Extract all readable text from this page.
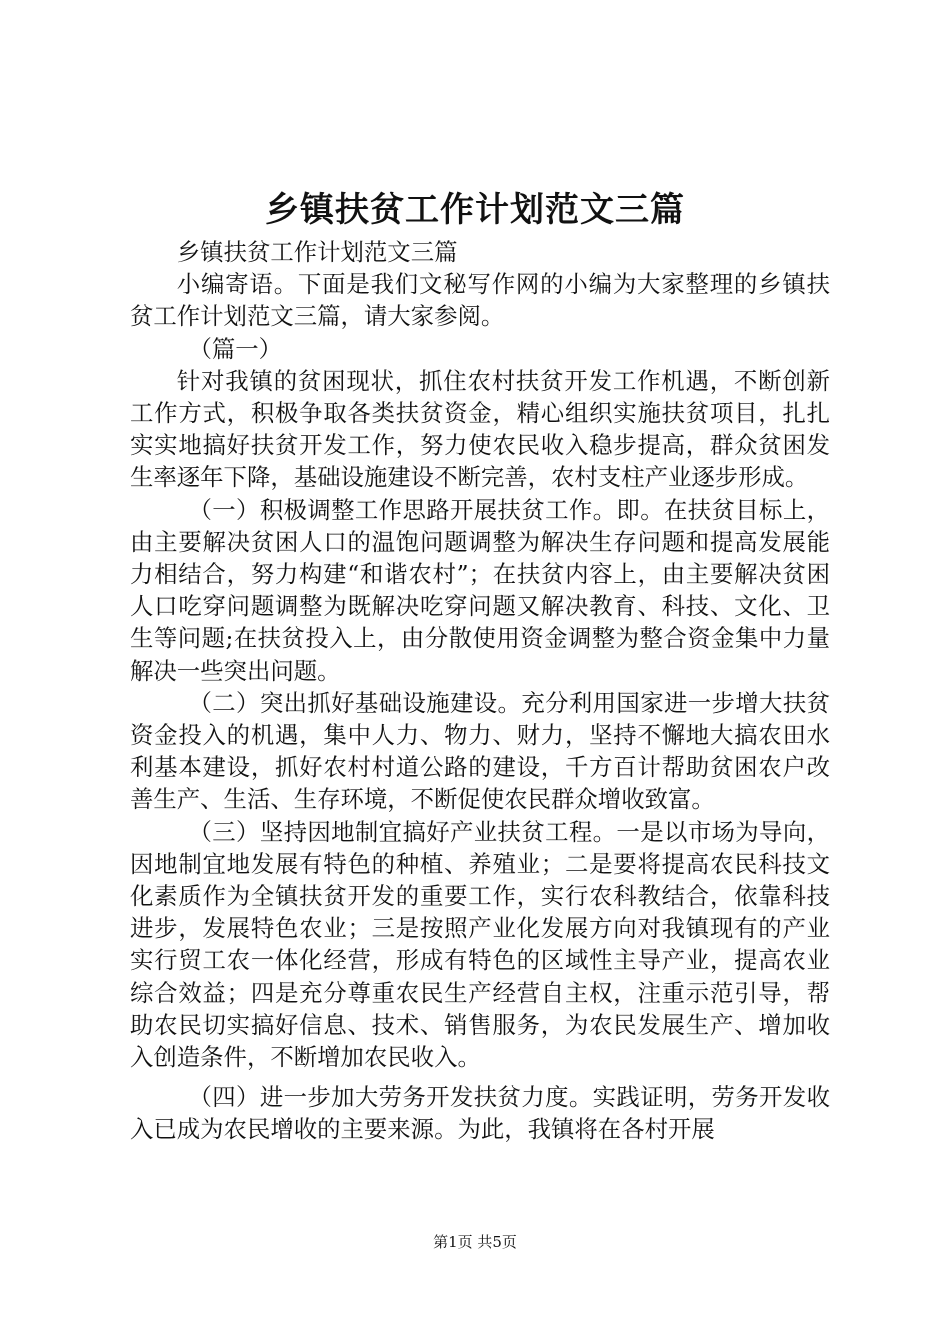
乡镇扶贫工作计划范文三篇

乡镇扶贫工作计划范文三篇

小编寄语。下面是我们文秘写作网的小编为大家整理的乡镇扶贫工作计划范文三篇，请大家参阅。

（篇一）

针对我镇的贫困现状，抓住农村扶贫开发工作机遇，不断创新工作方式，积极争取各类扶贫资金，精心组织实施扶贫项目，扎扎实实地搞好扶贫开发工作，努力使农民收入稳步提高，群众贫困发生率逐年下降，基础设施建设不断完善，农村支柱产业逐步形成。

（一）积极调整工作思路开展扶贫工作。即。在扶贫目标上，由主要解决贫困人口的温饱问题调整为解决生存问题和提高发展能力相结合，努力构建“和谐农村”；在扶贫内容上，由主要解决贫困人口吃穿问题调整为既解决吃穿问题又解决教育、科技、文化、卫生等问题;在扶贫投入上，由分散使用资金调整为整合资金集中力量解决一些突出问题。

（二）突出抓好基础设施建设。充分利用国家进一步增大扶贫资金投入的机遇，集中人力、物力、财力，坚持不懈地大搞农田水利基本建设，抓好农村村道公路的建设，千方百计帮助贫困农户改善生产、生活、生存环境，不断促使农民群众增收致富。

（三）坚持因地制宜搞好产业扶贫工程。一是以市场为导向，因地制宜地发展有特色的种植、养殖业；二是要将提高农民科技文化素质作为全镇扶贫开发的重要工作，实行农科教结合，依靠科技进步，发展特色农业；三是按照产业化发展方向对我镇现有的产业实行贸工农一体化经营，形成有特色的区域性主导产业，提高农业综合效益；四是充分尊重农民生产经营自主权，注重示范引导，帮助农民切实搞好信息、技术、销售服务，为农民发展生产、增加收入创造条件，不断增加农民收入。

（四）进一步加大劳务开发扶贫力度。实践证明，劳务开发收入已成为农民增收的主要来源。为此，我镇将在各村开展

第1页 共5页
